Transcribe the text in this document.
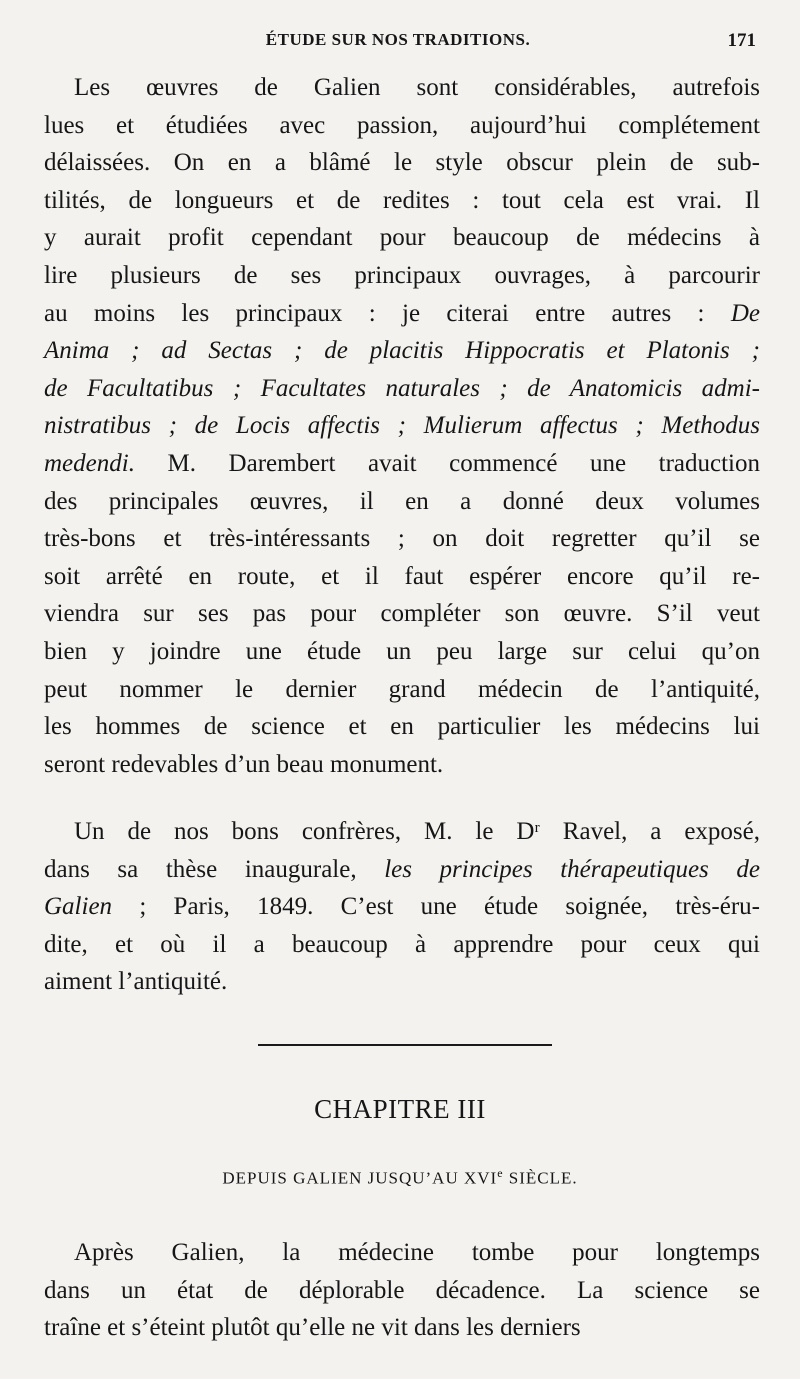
ÉTUDE SUR NOS TRADITIONS.	171
Les œuvres de Galien sont considérables, autrefois
lues et étudiées avec passion, aujourd’hui complétement
délaissées. On en a blâmé le style obscur plein de sub-
tilités, de longueurs et de redites : tout cela est vrai. Il
y aurait profit cependant pour beaucoup de médecins à
lire plusieurs de ses principaux ouvrages, à parcourir
au moins les principaux : je citerai entre autres : De
Anima ; ad Sectas ; de placitis Hippocratis et Platonis ;
de Facultatibus ; Facultates naturales ; de Anatomicis admi-
nistratibus ; de Locis affectis ; Mulierum affectus ; Methodus
medendi. M. Darembert avait commencé une traduction
des principales œuvres, il en a donné deux volumes
très-bons et très-intéressants ; on doit regretter qu’il se
soit arrêté en route, et il faut espérer encore qu’il re-
viendra sur ses pas pour compléter son œuvre. S’il veut
bien y joindre une étude un peu large sur celui qu’on
peut nommer le dernier grand médecin de l’antiquité,
les hommes de science et en particulier les médecins lui
seront redevables d’un beau monument.
Un de nos bons confrères, M. le Dʳ Ravel, a exposé,
dans sa thèse inaugurale, les principes thérapeutiques de
Galien ; Paris, 1849. C’est une étude soignée, très-éru-
dite, et où il a beaucoup à apprendre pour ceux qui
aiment l’antiquité.
CHAPITRE III
DEPUIS GALIEN JUSQU’AU XVIe SIÈCLE.
Après Galien, la médecine tombe pour longtemps
dans un état de déplorable décadence. La science se
traîne et s’éteint plutôt qu’elle ne vit dans les derniers
